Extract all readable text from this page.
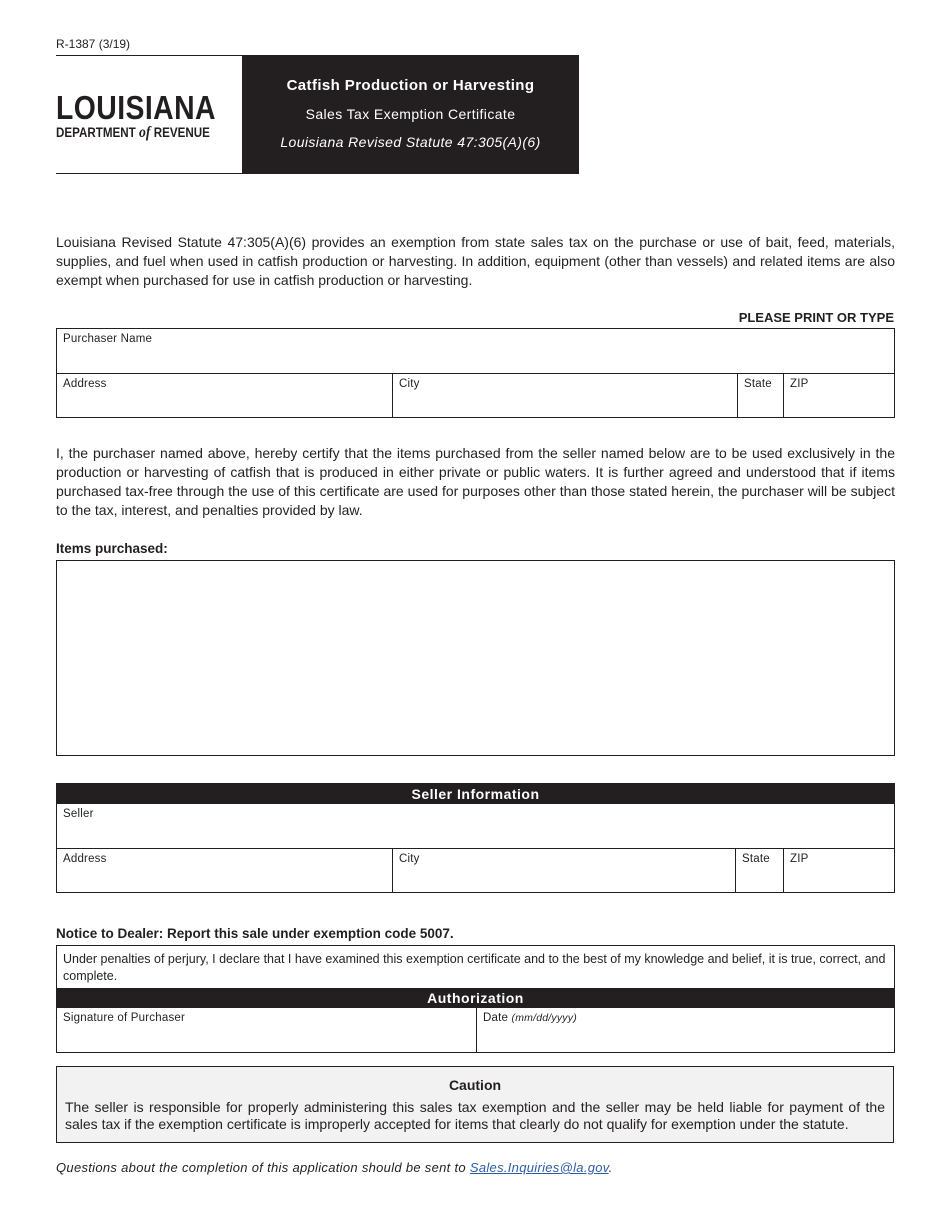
R-1387 (3/19)
LOUISIANA
DEPARTMENT of REVENUE
Catfish Production or Harvesting
Sales Tax Exemption Certificate
Louisiana Revised Statute 47:305(A)(6)
Louisiana Revised Statute 47:305(A)(6) provides an exemption from state sales tax on the purchase or use of bait, feed, materials, supplies, and fuel when used in catfish production or harvesting. In addition, equipment (other than vessels) and related items are also exempt when purchased for use in catfish production or harvesting.
PLEASE PRINT OR TYPE
Purchaser Name
Address	City	State ZIP
I, the purchaser named above, hereby certify that the items purchased from the seller named below are to be used exclusively in the production or harvesting of catfish that is produced in either private or public waters. It is further agreed and understood that if items purchased tax-free through the use of this certificate are used for purposes other than those stated herein, the purchaser will be subject to the tax, interest, and penalties provided by law.
Items purchased:
Seller Information
Seller
Address	City	State ZIP
Notice to Dealer: Report this sale under exemption code 5007.
Under penalties of perjury, I declare that I have examined this exemption certificate and to the best of my knowledge and belief, it is true, correct, and complete.
Authorization
Signature of Purchaser	Date (mm/dd/yyyy)
Caution
The seller is responsible for properly administering this sales tax exemption and the seller may be held liable for payment of the sales tax if the exemption certificate is improperly accepted for items that clearly do not qualify for exemption under the statute.
Questions about the completion of this application should be sent to Sales.Inquiries@la.gov.
